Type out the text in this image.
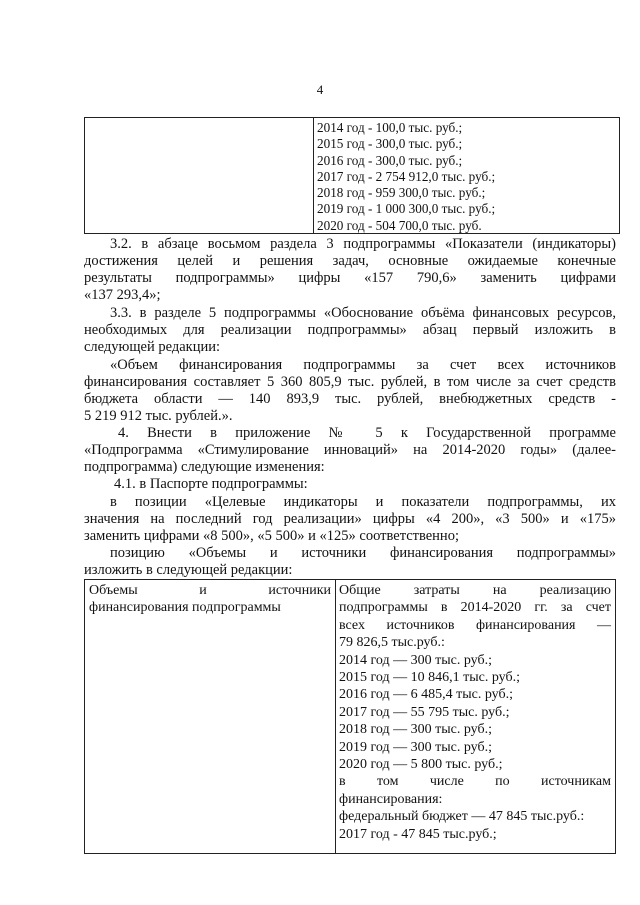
4
2014 год - 100,0 тыс. руб.;
2015 год - 300,0 тыс. руб.;
2016 год - 300,0 тыс. руб.;
2017 год - 2 754 912,0 тыс. руб.;
2018 год - 959 300,0 тыс. руб.;
2019 год - 1 000 300,0 тыс. руб.;
2020 год - 504 700,0 тыс. руб.
3.2. в абзаце восьмом раздела 3 подпрограммы «Показатели (индикаторы)
достижения целей и решения задач, основные ожидаемые конечные
результаты подпрограммы» цифры «157 790,6» заменить цифрами
«137 293,4»;
3.3. в разделе 5 подпрограммы «Обоснование объёма финансовых ресурсов,
необходимых для реализации подпрограммы» абзац первый изложить в
следующей редакции:
«Объем финансирования подпрограммы за счет всех источников
финансирования составляет 5 360 805,9 тыс. рублей, в том числе за счет средств
бюджета области — 140 893,9 тыс. рублей, внебюджетных средств -
5 219 912 тыс. рублей.».
4. Внести в приложение № 5 к Государственной программе
«Подпрограмма «Стимулирование инноваций» на 2014-2020 годы» (далее-
подпрограмма) следующие изменения:
4.1. в Паспорте подпрограммы:
в позиции «Целевые индикаторы и показатели подпрограммы, их
значения на последний год реализации» цифры «4 200», «3 500» и «175»
заменить цифрами «8 500», «5 500» и «125» соответственно;
позицию «Объемы и источники финансирования подпрограммы»
изложить в следующей редакции:
Объемы и источники
финансирования подпрограммы
Общие затраты на реализацию
подпрограммы в 2014-2020 гг. за счет
всех источников финансирования —
79 826,5 тыс.руб.:
2014 год — 300 тыс. руб.;
2015 год — 10 846,1 тыс. руб.;
2016 год — 6 485,4 тыс. руб.;
2017 год — 55 795 тыс. руб.;
2018 год — 300 тыс. руб.;
2019 год — 300 тыс. руб.;
2020 год — 5 800 тыс. руб.;
в том числе по источникам
финансирования:
федеральный бюджет — 47 845 тыс.руб.:
2017 год - 47 845 тыс.руб.;
